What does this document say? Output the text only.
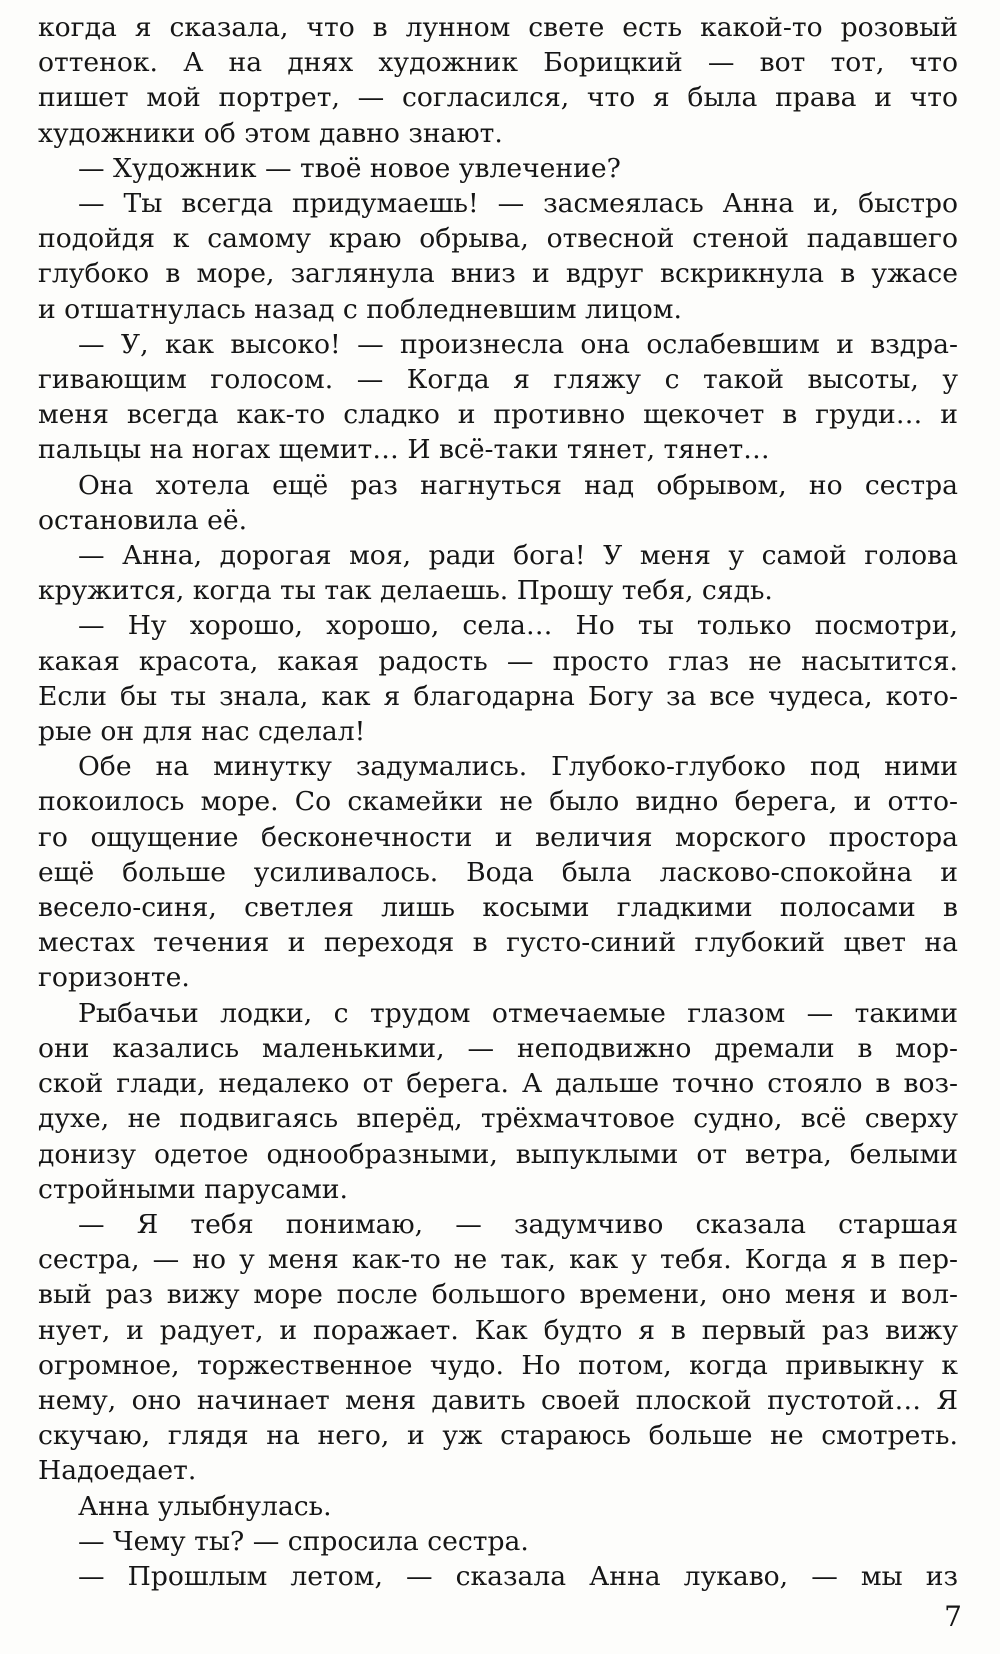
когда я сказала, что в лунном свете есть какой-то розовый
оттенок. А на днях художник Борицкий — вот тот, что
пишет мой портрет, — согласился, что я была права и что
художники об этом давно знают.
— Художник — твоё новое увлечение?
— Ты всегда придумаешь! — засмеялась Анна и, быстро
подойдя к самому краю обрыва, отвесной стеной падавшего
глубоко в море, заглянула вниз и вдруг вскрикнула в ужасе
и отшатнулась назад с побледневшим лицом.
— У, как высоко! — произнесла она ослабевшим и вздра-
гивающим голосом. — Когда я гляжу с такой высоты, у
меня всегда как-то сладко и противно щекочет в груди… и
пальцы на ногах щемит… И всё-таки тянет, тянет…
Она хотела ещё раз нагнуться над обрывом, но сестра
остановила её.
— Анна, дорогая моя, ради бога! У меня у самой голова
кружится, когда ты так делаешь. Прошу тебя, сядь.
— Ну хорошо, хорошо, села… Но ты только посмотри,
какая красота, какая радость — просто глаз не насытится.
Если бы ты знала, как я благодарна Богу за все чудеса, кото-
рые он для нас сделал!
Обе на минутку задумались. Глубоко-глубоко под ними
покоилось море. Со скамейки не было видно берега, и отто-
го ощущение бесконечности и величия морского простора
ещё больше усиливалось. Вода была ласково-спокойна и
весело-синя, светлея лишь косыми гладкими полосами в
местах течения и переходя в густо-синий глубокий цвет на
горизонте.
Рыбачьи лодки, с трудом отмечаемые глазом — такими
они казались маленькими, — неподвижно дремали в мор-
ской глади, недалеко от берега. А дальше точно стояло в воз-
духе, не подвигаясь вперёд, трёхмачтовое судно, всё сверху
донизу одетое однообразными, выпуклыми от ветра, белыми
стройными парусами.
— Я тебя понимаю, — задумчиво сказала старшая
сестра, — но у меня как-то не так, как у тебя. Когда я в пер-
вый раз вижу море после большого времени, оно меня и вол-
нует, и радует, и поражает. Как будто я в первый раз вижу
огромное, торжественное чудо. Но потом, когда привыкну к
нему, оно начинает меня давить своей плоской пустотой… Я
скучаю, глядя на него, и уж стараюсь больше не смотреть.
Надоедает.
Анна улыбнулась.
— Чему ты? — спросила сестра.
— Прошлым летом, — сказала Анна лукаво, — мы из
7
